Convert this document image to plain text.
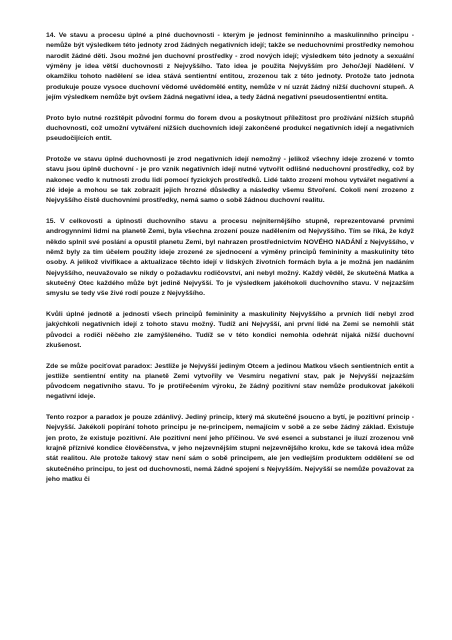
14. Ve stavu a procesu úplné a plné duchovnosti - kterým je jednost femininního a maskulinního principu - nemůže být výsledkem této jednoty zrod žádných negativních idejí; takže se neduchovními prostředky nemohou narodit žádné děti. Jsou možné jen duchovní prostředky - zrod nových idejí; výsledkem této jednoty a sexuální výměny je idea větší duchovnosti z Nejvyššího. Tato idea je použita Nejvyšším pro Jeho/Její Nadělení. V okamžiku tohoto nadělení se idea stává sentientní entitou, zrozenou tak z této jednoty. Protože tato jednota produkuje pouze vysoce duchovní vědomé uvědomělé entity, nemůže v ní uzrát žádný nižší duchovní stupeň. A jejím výsledkem nemůže být ovšem žádná negativní idea, a tedy žádná negativní pseudosentientní entita.

Proto bylo nutné rozštěpit původní formu do forem dvou a poskytnout příležitost pro prožívání nižších stupňů duchovnosti, což umožní vytváření nižších duchovních idejí zakončené produkcí negativních idejí a negativních pseudočijících entit.

Protože ve stavu úplné duchovnosti je zrod negativních idejí nemožný - jelikož všechny ideje zrozené v tomto stavu jsou úplně duchovní - je pro vznik negativních idejí nutné vytvořit odlišné neduchovní prostředky, což by nakonec vedlo k nutnosti zrodu lidí pomocí fyzických prostředků. Lidé takto zrození mohou vytvářet negativní a zlé ideje a mohou se tak zobrazit jejich hrozné důsledky a následky všemu Stvoření. Cokoli není zrozeno z Nejvyššího čistě duchovními prostředky, nemá samo o sobě žádnou duchovní realitu.

15. V celkovosti a úplnosti duchovního stavu a procesu nejniternějšího stupně, reprezentované prvními androgynními lidmi na planetě Zemi, byla všechna zrození pouze nadělením od Nejvyššího. Tím se říká, že když někdo splnil své poslání a opustil planetu Zemi, byl nahrazen prostřednictvím NOVÉHO NADÁNÍ z Nejvyššího, v němž byly za tím účelem použity ideje zrozené ze sjednocení a výměny principů femininity a maskulinity této osoby. A jelikož vivifikace a aktualizace těchto idejí v lidských životních formách byla a je možná jen nadáním Nejvyššího, neuvažovalo se nikdy o požadavku rodičovství, ani nebyl možný. Každý věděl, že skutečná Matka a skutečný Otec každého může být jedině Nejvyšší. To je výsledkem jakéhokoli duchovního stavu. V nejzazším smyslu se tedy vše živé rodí pouze z Nejvyššího.

Kvůli úplné jednotě a jednosti všech principů femininity a maskulinity Nejvyššího a prvních lidí nebyl zrod jakýchkoli negativních idejí z tohoto stavu možný. Tudíž ani Nejvyšší, ani první lidé na Zemi se nemohli stát původci a rodiči něčeho zle zamýšleného. Tudíž se v této kondici nemohla odehrát nijaká nižší duchovní zkušenost.

Zde se může pociťovat paradox: Jestliže je Nejvyšší jediným Otcem a jedinou Matkou všech sentientních entit a jestliže sentientní entity na planetě Zemi vytvořily ve Vesmíru negativní stav, pak je Nejvyšší nejzazším původcem negativního stavu. To je protiřečením výroku, že žádný pozitivní stav nemůže produkovat jakékoli negativní ideje.

Tento rozpor a paradox je pouze zdánlivý. Jediný princip, který má skutečné jsoucno a bytí, je pozitivní princip - Nejvyšší. Jakékoli popírání tohoto principu je ne-principem, nemajícím v sobě a ze sebe žádný základ. Existuje jen proto, že existuje pozitivní. Ale pozitivní není jeho příčinou. Ve své esenci a substanci je iluzí zrozenou vně krajně příznivé kondice člověčenstva, v jeho nejzevnějším stupni nejzevnějšího kroku, kde se taková idea může stát realitou. Ale protože takový stav není sám o sobě principem, ale jen vedlejším produktem oddělení se od skutečného principu, to jest od duchovnosti, nemá žádné spojení s Nejvyšším. Nejvyšší se nemůže považovat za jeho matku či
